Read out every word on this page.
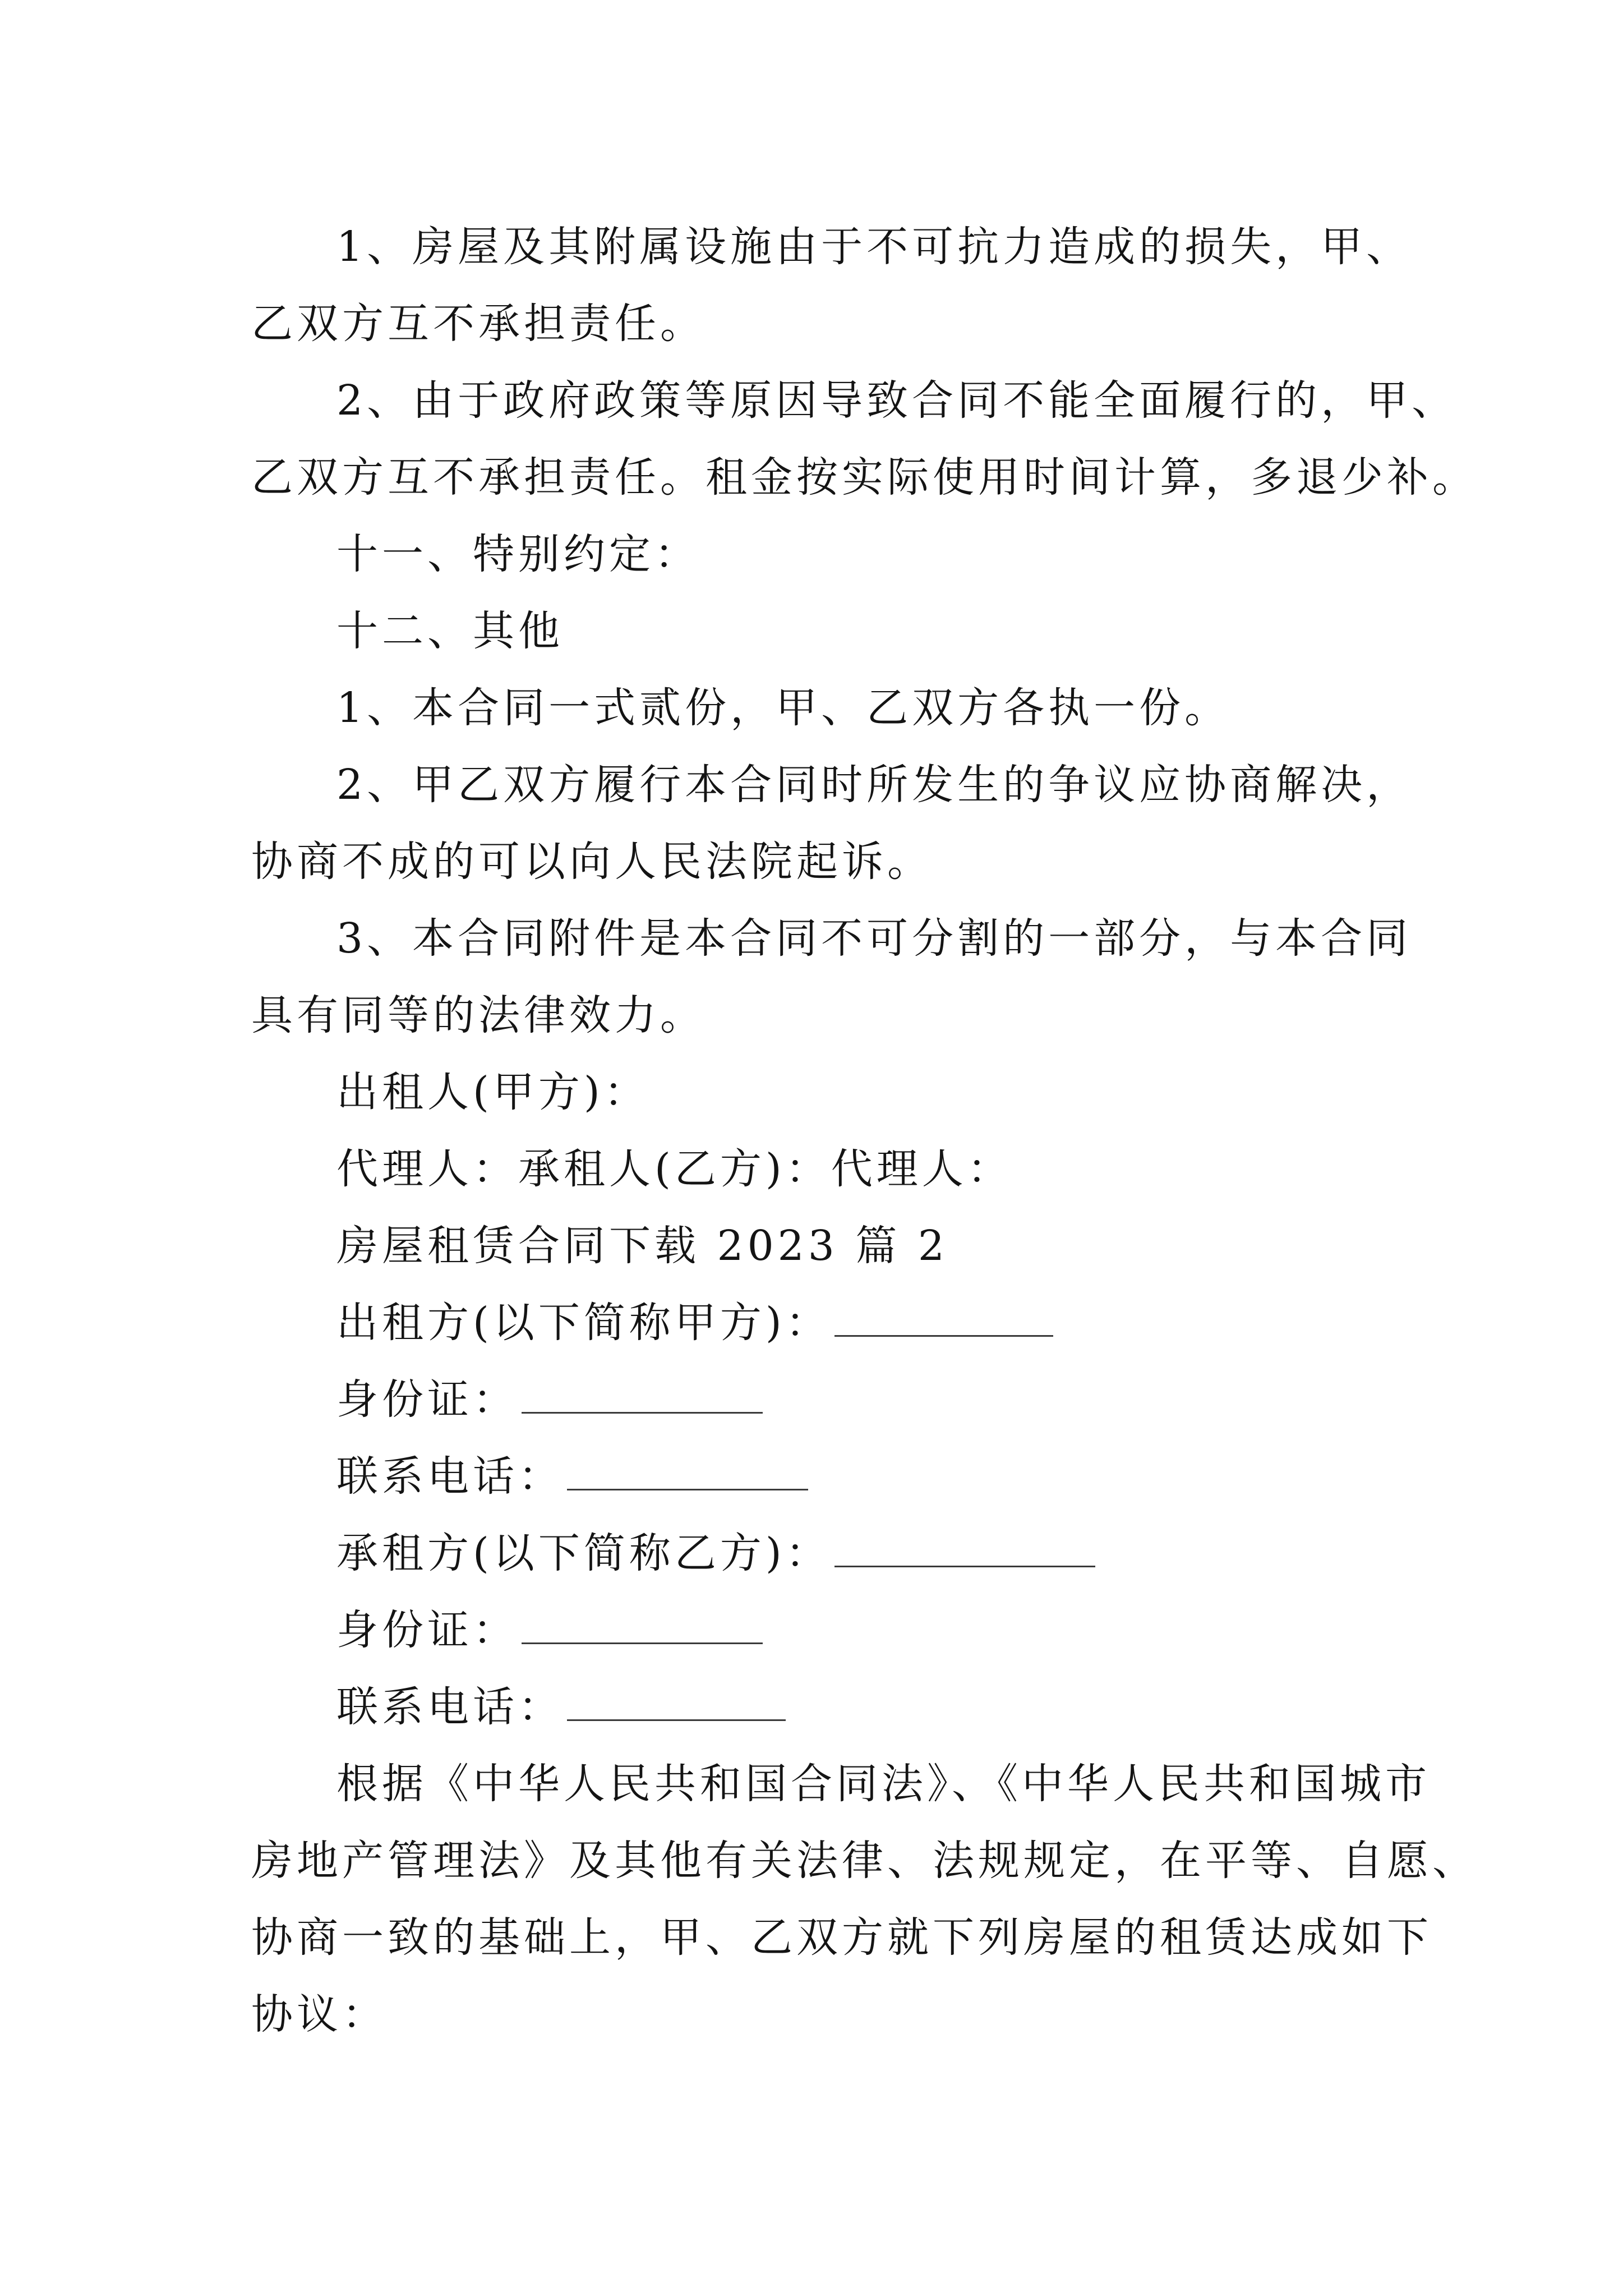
1、房屋及其附属设施由于不可抗力造成的损失，甲、
乙双方互不承担责任。
2、由于政府政策等原因导致合同不能全面履行的，甲、
乙双方互不承担责任。租金按实际使用时间计算，多退少补。
十一、特别约定：
十二、其他
1、本合同一式贰份，甲、乙双方各执一份。
2、甲乙双方履行本合同时所发生的争议应协商解决，
协商不成的可以向人民法院起诉。
3、本合同附件是本合同不可分割的一部分，与本合同
具有同等的法律效力。
出租人(甲方)：
代理人：承租人(乙方)：代理人：
房屋租赁合同下载 2023 篇 2
出租方(以下简称甲方)：
身份证：
联系电话：
承租方(以下简称乙方)：
身份证：
联系电话：
根据《中华人民共和国合同法》、《中华人民共和国城市
房地产管理法》及其他有关法律、法规规定，在平等、自愿、
协商一致的基础上，甲、乙双方就下列房屋的租赁达成如下
协议：
